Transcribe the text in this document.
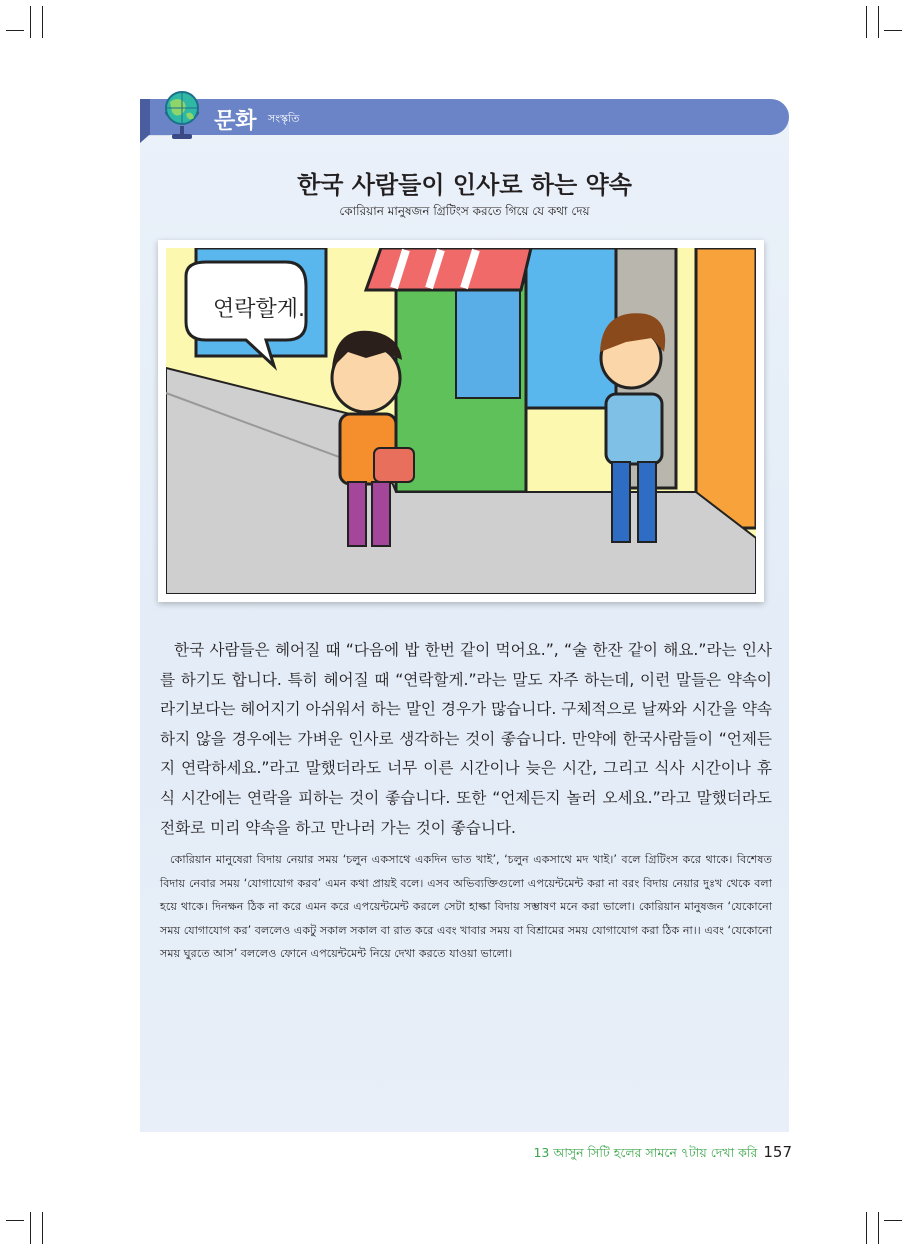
문화 সংস্কৃতি
한국 사람들이 인사로 하는 약속
কোরিয়ান মানুষজন গ্রিটিংস করতে গিয়ে যে কথা দেয়
연락할게.

한국 사람들은 헤어질 때 “다음에 밥 한번 같이 먹어요.”, “술 한잔 같이 해요.”라는 인사를 하기도 합니다. 특히 헤어질 때 “연락할게.”라는 말도 자주 하는데, 이런 말들은 약속이라기보다는 헤어지기 아쉬워서 하는 말인 경우가 많습니다. 구체적으로 날짜와 시간을 약속하지 않을 경우에는 가벼운 인사로 생각하는 것이 좋습니다. 만약에 한국사람들이 “언제든지 연락하세요.”라고 말했더라도 너무 이른 시간이나 늦은 시간, 그리고 식사 시간이나 휴식 시간에는 연락을 피하는 것이 좋습니다. 또한 “언제든지 놀러 오세요.”라고 말했더라도 전화로 미리 약속을 하고 만나러 가는 것이 좋습니다.

কোরিয়ান মানুষেরা বিদায় নেয়ার সময় ‘চলুন একসাথে একদিন ভাত খাই’, ‘চলুন একসাথে মদ খাই।’ বলে গ্রিটিংস করে থাকে। বিশেষত বিদায় নেবার সময় ‘যোগাযোগ করব’ এমন কথা প্রায়ই বলে। এসব অভিব্যক্তিগুলো এপয়েন্টমেন্ট করা না বরং বিদায় নেয়ার দুঃখ থেকে বলা হয়ে থাকে। দিনক্ষন ঠিক না করে এমন করে এপয়েন্টমেন্ট করলে সেটা হাল্কা বিদায় সম্ভাষণ মনে করা ভালো। কোরিয়ান মানুষজন ‘যেকোনো সময় যোগাযোগ কর’ বললেও একটু সকাল সকাল বা রাত করে এবং খাবার সময় বা বিশ্রামের সময় যোগাযোগ করা ঠিক না।। এবং ‘যেকোনো সময় ঘুরতে আস’ বললেও ফোনে এপয়েন্টমেন্ট নিয়ে দেখা করতে যাওয়া ভালো।

13 আসুন সিটি হলের সামনে ৭টায় দেখা করি 157
